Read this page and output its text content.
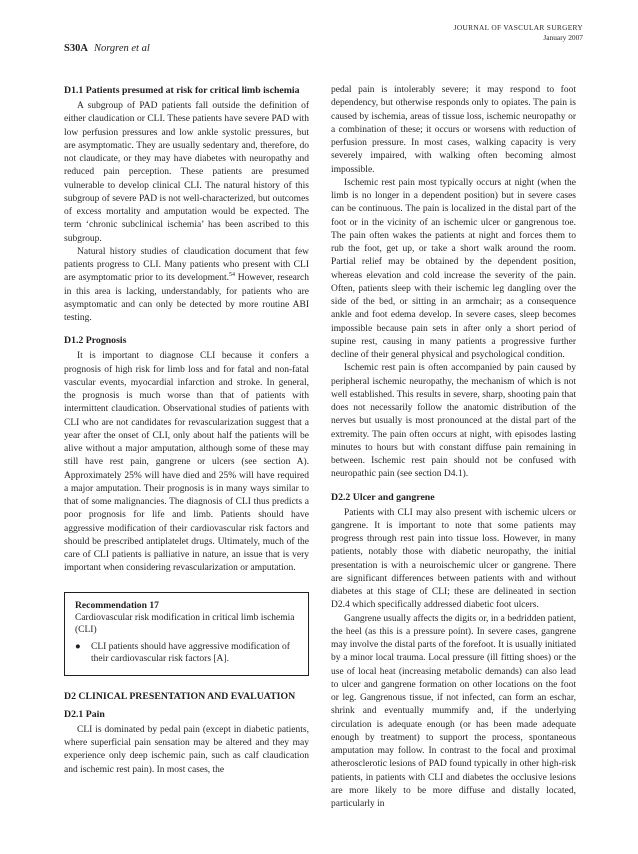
JOURNAL OF VASCULAR SURGERY
January 2007
S30A Norgren et al
D1.1 Patients presumed at risk for critical limb ischemia

A subgroup of PAD patients fall outside the definition of either claudication or CLI. These patients have severe PAD with low perfusion pressures and low ankle systolic pressures, but are asymptomatic. They are usually sedentary and, therefore, do not claudicate, or they may have diabetes with neuropathy and reduced pain perception. These patients are presumed vulnerable to develop clinical CLI. The natural history of this subgroup of severe PAD is not well-characterized, but outcomes of excess mortality and amputation would be expected. The term ‘chronic subclinical ischemia’ has been ascribed to this subgroup.

Natural history studies of claudication document that few patients progress to CLI. Many patients who present with CLI are asymptomatic prior to its development.$^{54}$ However, research in this area is lacking, understandably, for patients who are asymptomatic and can only be detected by more routine ABI testing.

D1.2 Prognosis

It is important to diagnose CLI because it confers a prognosis of high risk for limb loss and for fatal and non-fatal vascular events, myocardial infarction and stroke. In general, the prognosis is much worse than that of patients with intermittent claudication. Observational studies of patients with CLI who are not candidates for revascularization suggest that a year after the onset of CLI, only about half the patients will be alive without a major amputation, although some of these may still have rest pain, gangrene or ulcers (see section A). Approximately 25% will have died and 25% will have required a major amputation. Their prognosis is in many ways similar to that of some malignancies. The diagnosis of CLI thus predicts a poor prognosis for life and limb. Patients should have aggressive modification of their cardiovascular risk factors and should be prescribed antiplatelet drugs. Ultimately, much of the care of CLI patients is palliative in nature, an issue that is very important when considering revascularization or amputation.

Recommendation 17
Cardiovascular risk modification in critical limb ischemia (CLI)
● CLI patients should have aggressive modification of their cardiovascular risk factors [A].
D2 CLINICAL PRESENTATION AND EVALUATION
D2.1 Pain

CLI is dominated by pedal pain (except in diabetic patients, where superficial pain sensation may be altered and they may experience only deep ischemic pain, such as calf claudication and ischemic rest pain). In most cases, the

pedal pain is intolerably severe; it may respond to foot dependency, but otherwise responds only to opiates. The pain is caused by ischemia, areas of tissue loss, ischemic neuropathy or a combination of these; it occurs or worsens with reduction of perfusion pressure. In most cases, walking capacity is very severely impaired, with walking often becoming almost impossible.

Ischemic rest pain most typically occurs at night (when the limb is no longer in a dependent position) but in severe cases can be continuous. The pain is localized in the distal part of the foot or in the vicinity of an ischemic ulcer or gangrenous toe. The pain often wakes the patients at night and forces them to rub the foot, get up, or take a short walk around the room. Partial relief may be obtained by the dependent position, whereas elevation and cold increase the severity of the pain. Often, patients sleep with their ischemic leg dangling over the side of the bed, or sitting in an armchair; as a consequence ankle and foot edema develop. In severe cases, sleep becomes impossible because pain sets in after only a short period of supine rest, causing in many patients a progressive further decline of their general physical and psychological condition.

Ischemic rest pain is often accompanied by pain caused by peripheral ischemic neuropathy, the mechanism of which is not well established. This results in severe, sharp, shooting pain that does not necessarily follow the anatomic distribution of the nerves but usually is most pronounced at the distal part of the extremity. The pain often occurs at night, with episodes lasting minutes to hours but with constant diffuse pain remaining in between. Ischemic rest pain should not be confused with neuropathic pain (see section D4.1).

D2.2 Ulcer and gangrene

Patients with CLI may also present with ischemic ulcers or gangrene. It is important to note that some patients may progress through rest pain into tissue loss. However, in many patients, notably those with diabetic neuropathy, the initial presentation is with a neuroischemic ulcer or gangrene. There are significant differences between patients with and without diabetes at this stage of CLI; these are delineated in section D2.4 which specifically addressed diabetic foot ulcers.

Gangrene usually affects the digits or, in a bedridden patient, the heel (as this is a pressure point). In severe cases, gangrene may involve the distal parts of the forefoot. It is usually initiated by a minor local trauma. Local pressure (ill fitting shoes) or the use of local heat (increasing metabolic demands) can also lead to ulcer and gangrene formation on other locations on the foot or leg. Gangrenous tissue, if not infected, can form an eschar, shrink and eventually mummify and, if the underlying circulation is adequate enough (or has been made adequate enough by treatment) to support the process, spontaneous amputation may follow. In contrast to the focal and proximal atherosclerotic lesions of PAD found typically in other high-risk patients, in patients with CLI and diabetes the occlusive lesions are more likely to be more diffuse and distally located, particularly in
